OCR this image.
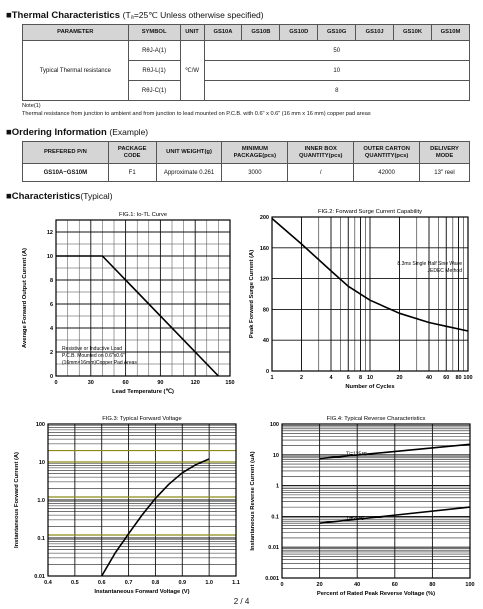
■Thermal Characteristics (Tₐ=25℃ Unless otherwise specified)
PARAMETER	SYMBOL	UNIT	GS10A	GS10B	GS10D	GS10G	GS10J	GS10K	GS10M
Typical Thermal resistance	RθJ-A(1)	℃/W	50						
	RθJ-L(1)		10						
	RθJ-C(1)		8						
Note(1)
Thermal resistance from junction to ambient and from junction to lead mounted on P.C.B. with 0.6" x 0.6" (16 mm x 16 mm) copper pad areas
■Ordering Information (Example)
PREFERED P/N	PACKAGE CODE	UNIT WEIGHT(g)	MINIMUM PACKAGE(pcs)	INNER BOX QUANTITY(pcs)	OUTER CARTON QUANTITY(pcs)	DELIVERY MODE
GS10A~GS10M	F1	Approximate 0.261	3000	/	42000	13" reel
■Characteristics(Typical)
0	30	60	90	120	150
0
2
4
6
8
10
12
FIG.1: Io-TL Curve
Lead Temperature (℃)
Average Forward Output Current (A)
Resistive or Inductive Load
P.C.B. Mounted on 0.6"x0.6"
(16mm×16mm)Copper Pad Areas
1	2	4	6 8 10	20	40 60 80 100
0
40
80
120
160
200
FIG.2: Forward Surge Current Capability
Number of Cycles
Peak Forward Surge Current (A)	8.3ms Single Half Sine Wave
JEDEC Method
0.4	0.5	0.6	0.7	0.8	0.9	1.0	1.1
0.01
0.1
1.0
10
100
FIG.3: Typical Forward Voltage
Instantaneous Forward Voltage (V)
Instantaneous Forward Current (A)
0	20	40	60	80	100
0.001
0.01
0.1
1
10
100
FIG.4: Typical Reverse Characteristics
Percent of Rated Peak Reverse Voltage (%)
Instantaneous Reverse Current (uA)	Tj=125℃
Tj=25℃
2 / 4
